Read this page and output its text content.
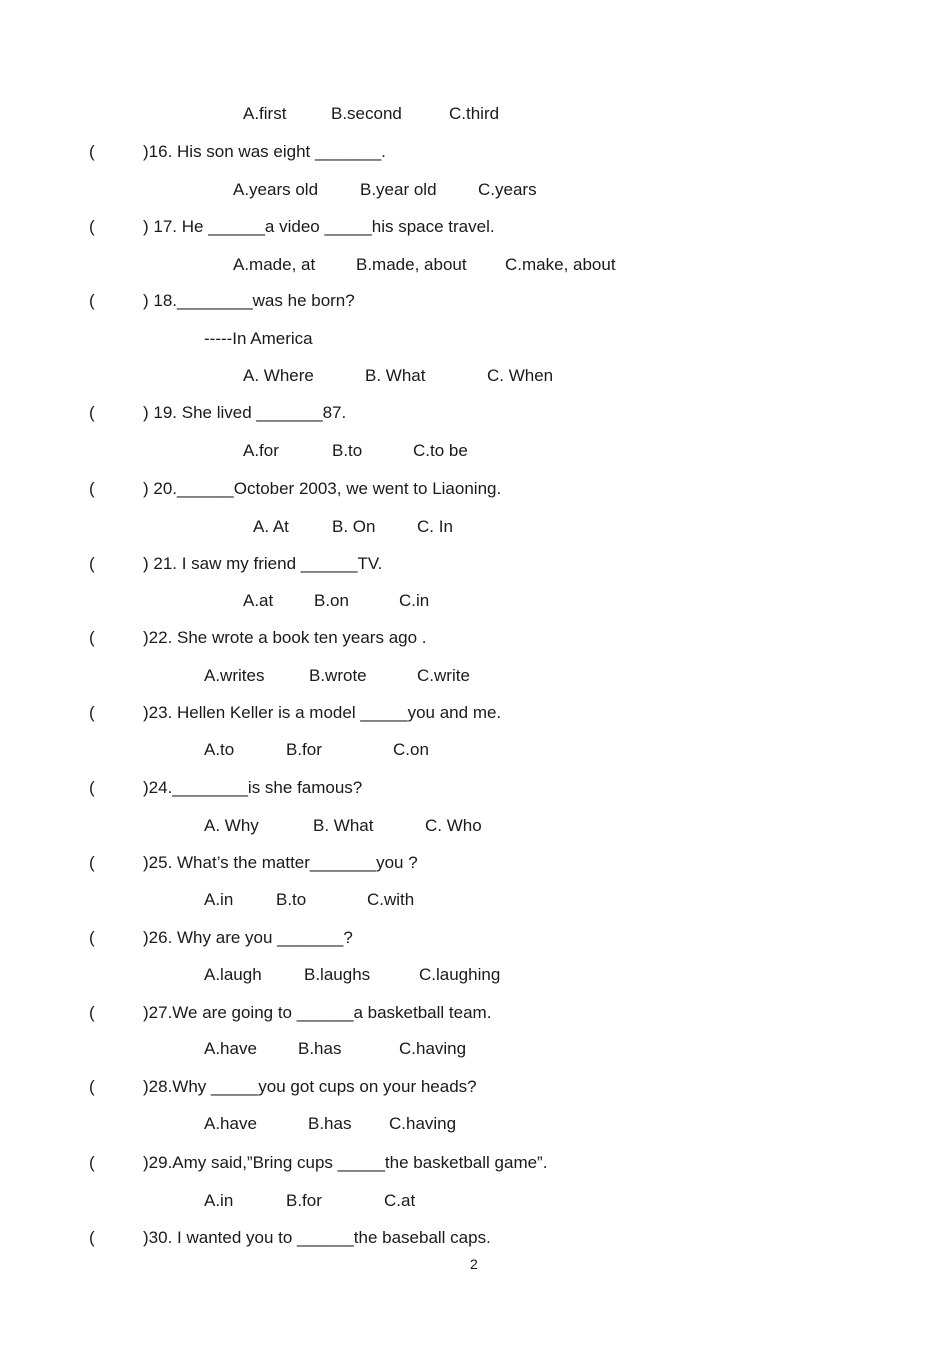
A.first	B.second	C.third
(	)16. His son was eight _______.
A.years old B.year old C.years
(	) 17. He ______a video _____his space travel.
A.made, at B.made, about C.make, about
(	) 18.________was he born?
-----In America
A. Where	B. What	C. When
(	) 19. She lived _______87.
A.for	B.to	C.to be
(	) 20.______October 2003, we went to Liaoning.
A. At	B. On C. In
(	) 21. I saw my friend ______TV.
A.at B.on	C.in
(	)22. She wrote a book ten years ago .
A.writes	B.wrote	C.write
(	)23. Hellen Keller is a model _____you and me.
A.to	B.for	C.on
(	)24.________is she famous?
A. Why	B. What	C. Who
(	)25. What’s the matter_______you ?
A.in	B.to	C.with
(	)26. Why are you _______?
A.laugh B.laughs	C.laughing
(	)27.We are going to ______a basketball team.
A.have B.has	C.having
(	)28.Why _____you got cups on your heads?
A.have	B.has C.having
(	)29.Amy said,”Bring cups _____the basketball game”.
A.in	B.for	C.at
(	)30. I wanted you to ______the baseball caps.
2
